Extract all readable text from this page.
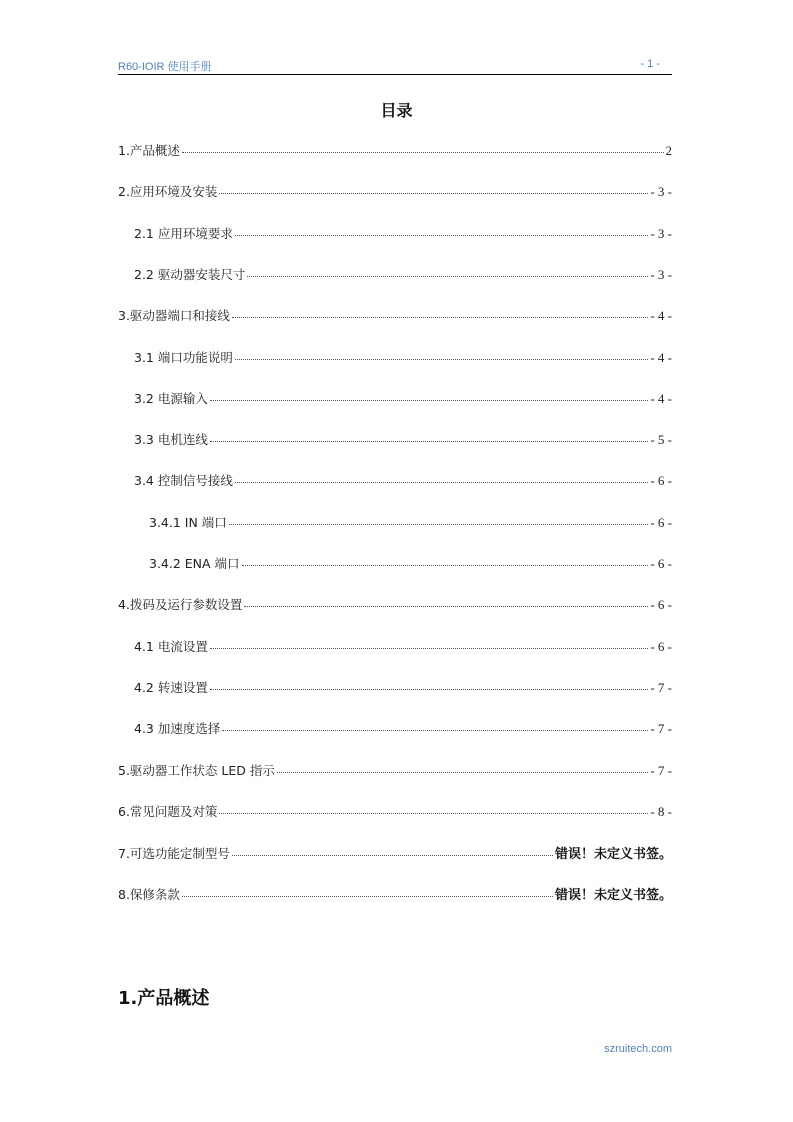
R60-IOIR 使用手册	- 1 -
目录
1.产品概述	2
2.应用环境及安装	- 3 -
2.1 应用环境要求	- 3 -
2.2 驱动器安装尺寸	- 3 -
3.驱动器端口和接线	- 4 -
3.1 端口功能说明	- 4 -
3.2 电源输入	- 4 -
3.3 电机连线	- 5 -
3.4 控制信号接线	- 6 -
3.4.1 IN 端口	- 6 -
3.4.2 ENA 端口	- 6 -
4.拨码及运行参数设置	- 6 -
4.1 电流设置	- 6 -
4.2 转速设置	- 7 -
4.3 加速度选择	- 7 -
5.驱动器工作状态 LED 指示	- 7 -
6.常见问题及对策	- 8 -
7.可选功能定制型号	错误！未定义书签。
8.保修条款	错误！未定义书签。
1.产品概述
szruitech.com
